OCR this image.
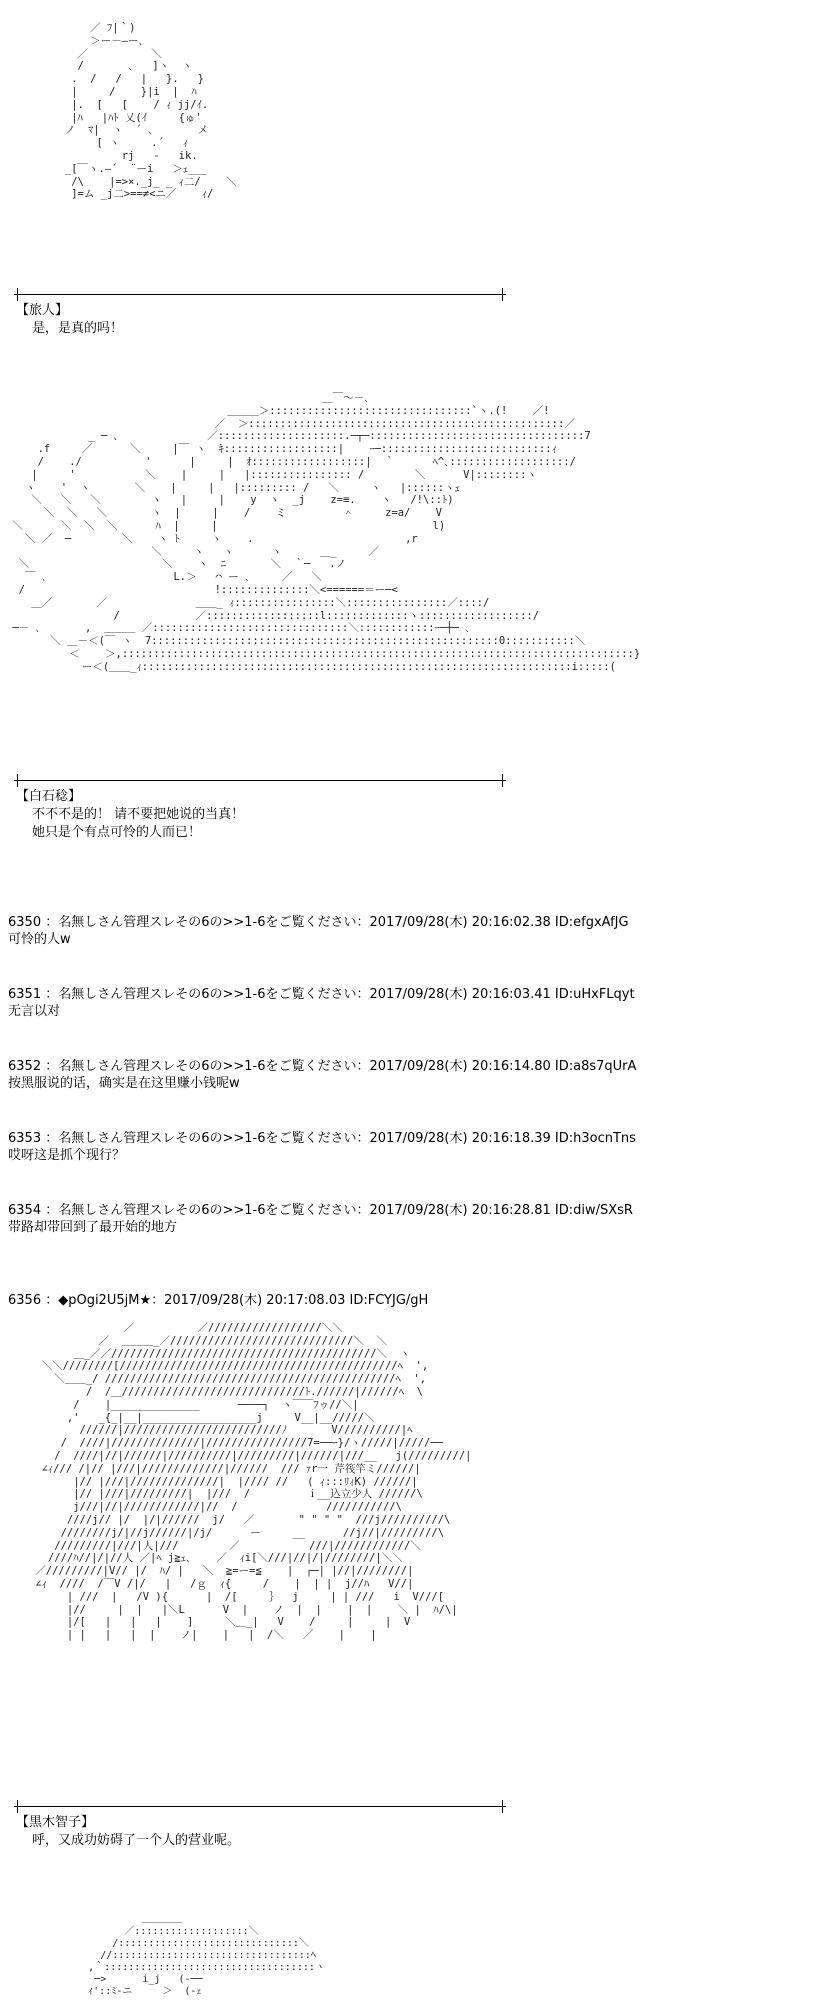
／ ﾌ|｀)
＞ー－―ー､
／          ＼
/       ､   ]ヽ  ヽ
.  /   /   |   }.   }
|     /    }|i  |  ﾊ
|.  [   [    / ｨ jj/ｲ.
|ﾊ   |ﾊﾄ 乂(ｲ     {ゅ'
ノ  ﾏ|  ヽ  ´ ､       メ
[ ヽ     .´   ｨ
rj   ‐   ik.
_[￣ヽ.―´  ¨ーi   ＞ｪ___
/\    |=>×._j_ _ ｨ二/    ＼
]=ム _j二>==≠<ニ／    ｨ/
【旅人】
是，是真的吗！
＿￣～－､
＿＿＿＞::::::::::::::::::::::::::::::::`ヽ.(!    ／!
／  ＞::::::::::::::::::::::::::::::::::::::::::::::::::／
_ ─ ､              ／::::::::::::::::::::.─┬─::::::::::::::::::::::::::::::::::7
.f     ／      ＼     |￣ ヽ  ｷ::::::::::::::::::|    ｰ─:::::::::::::::::::::::::::ｨ
/    ./          '      |     |  ｵ::::::::::::::::::|  ｀      ﾍ^､:::::::::::::::::::/
|     '           ＼    |     |   |:::::::::::::::: /        ＼      V|::::::::ヽ
ヽ    '  ヽ       ＼    |     |   |::::::::: /   ＼     ヽ   |::::::ヽｪ
＼   ＼   ＼        ヽ   |     |    y  ヽ  _j    z=≡.    ヽ   /!\::ﾄ)
＼  ＼   ＼       ヽ  |     |    /    ミ         ＾     z=a/    V
＼      ＼  ＼  ＼      ﾊ  |     |                                  l)
＼ ／  ─        ＼    ヽ ﾄ     ヽ    .                        ,r
＼     ヽ   ヽ      ヽ      ＿_     ／
＼                     ＼    ヽ  ﾆ       ＼  ｀─   .ノ
￣ ､                    L.＞   ⌒ ー ､     ／   ＼
/                              !::::::::::::::＼<======＝ー─<
＿／       ／              ＿＿_ ｨ::::::::::::::::＼::::::::::::::::／::::/
/            ／::::::::::::::::::l:::::::::::::ヽ::::::::::::::::::/
─－ ､       ,  ＿＿＿ ／:::::::::::::::::::::::::::::::＼::::::::::::ｰ─┼─ ､
＼ ＿－＜(￣ ヽ  7:::::::::::::::::::::::::::::::::::::::::::::::::::::::0:::::::::::＼
＜    ＞,:::::::::::::::::::::::::::::::::::::::::::::::::::::::::::::::::::::::::::::::::}
ー＜(＿＿_ｨ::::::::::::::::::::::::::::::::::::::::::::::::::::::::::::::::::::i:::::(
【白石稔】
不不不是的！ 请不要把她说的当真！
她只是个有点可怜的人而已！
6350 ：名無しさん管理スレその6の>>1-6をご覧ください：2017/09/28(木) 20:16:02.38 ID:efgxAfJG
可怜的人w
6351 ：名無しさん管理スレその6の>>1-6をご覧ください：2017/09/28(木) 20:16:03.41 ID:uHxFLqyt
无言以对
6352 ：名無しさん管理スレその6の>>1-6をご覧ください：2017/09/28(木) 20:16:14.80 ID:a8s7qUrA
按黑服说的话，确实是在这里赚小钱呢w
6353 ：名無しさん管理スレその6の>>1-6をご覧ください：2017/09/28(木) 20:16:18.39 ID:h3ocnTns
哎呀这是抓个现行？
6354 ：名無しさん管理スレその6の>>1-6をご覧ください：2017/09/28(木) 20:16:28.81 ID:diw/SXsR
带路却带回到了最开始的地方
6356 ：◆pOgi2U5jM★：2017/09/28(木) 20:17:08.03 ID:FCYJG/gH
／          ／//////////////////＼＼
／  ＿＿＿_／/////////////////////////////＼  ＼
＿_／／//////////////////////////////////////////＼  ヽ
＼＼////////[////////////////////////////////////////////ﾍ  ',
＼＿＿_/ //////////////////////////////////////////////ﾍ  ',
/  /＿/////////////////////////////ﾄ.//////|//////ﾍ  \
/    |______________      ────┐  ヽ￣￣ﾌゥ//＼|
,'   _{_|__|__________________j     V__|__/////＼
//////|/////////////////////////ﾉ       V//////////|ﾍ
/  ////|//////////////|////////////////7=──ｰ}/ヽ/////|/////──
/  ////|//|//////|//////////|/////////|//////|///__   j(/////////|
∠ｨ/// /|// |///|/////////////|//////  /// ｧr一 芹筏竿ミ//////|
|// |///|//////////////|  |//// //   ( ｨ:::ﾘｨK) //////|
|// |///|/////////|  |///  /         ｉ__込立少人 //////\
j///|//|////////////|//  /              ///////////\
////j// |/  |/|//////  j/   ／       " " " "  ///j//////////\
////////j/|//j//////|/j/      ー     __      //j//|/////////\
/////////|///|人|///        ／           ///|////////////＼
////ﾊ//|/|//人 ／|ﾍ j≧ｪ､    ／  ｨi[＼///|//|/|////////|＼＼
／/////////|V// |/  ﾊ/ |   ＼  ≧=ー=≦    |  ┌─| |//|////////|
∠ｨ  ////  /￣V /|/   |   /ｇ  ｨ{     /    |  | |  j//ﾊ   V//|
| ///  |   /V ){      |  /[     ｝  j     | | ///   i  V///[
|//     |  |   |＼L      V  |    ノ  |  |    |  |    ＼ |  ﾊ/\|
|/[   |   |   |    ]     ＼＿_|   V    /     |     |  V
| |   |   |  |    ノ|    |   |  /＼   ／    |    |
【黒木智子】
呼，又成功妨碍了一个人的营业呢。
＿＿＿＿
／:::::::::::::::::::＼
/::::::::::::::::::::::::::::::＼
//:::::::::::::::::::::::::::::::::ﾍ
,｀:::::::::::::::::::::::::::::::::::ヽ
─>      i_j   (-──
ｨ'::ﾐ-ニ     ＞  (-ｪ
